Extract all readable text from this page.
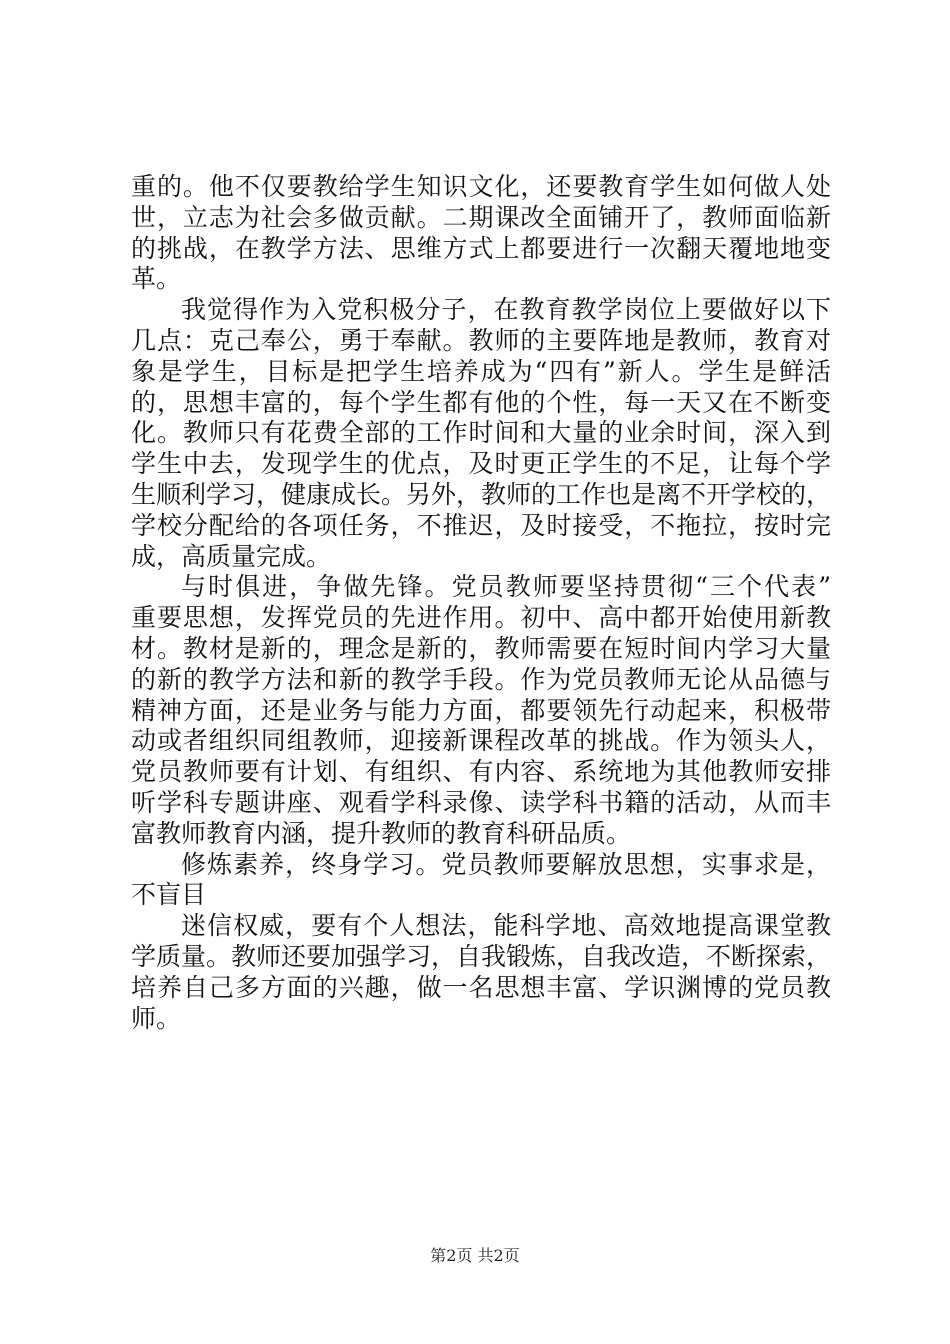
重的。他不仅要教给学生知识文化，还要教育学生如何做人处
世，立志为社会多做贡献。二期课改全面铺开了，教师面临新
的挑战，在教学方法、思维方式上都要进行一次翻天覆地地变
革。
我觉得作为入党积极分子，在教育教学岗位上要做好以下
几点：克己奉公，勇于奉献。教师的主要阵地是教师，教育对
象是学生，目标是把学生培养成为“四有”新人。学生是鲜活
的，思想丰富的，每个学生都有他的个性，每一天又在不断变
化。教师只有花费全部的工作时间和大量的业余时间，深入到
学生中去，发现学生的优点，及时更正学生的不足，让每个学
生顺利学习，健康成长。另外，教师的工作也是离不开学校的，
学校分配给的各项任务，不推迟，及时接受，不拖拉，按时完
成，高质量完成。
与时俱进，争做先锋。党员教师要坚持贯彻“三个代表”
重要思想，发挥党员的先进作用。初中、高中都开始使用新教
材。教材是新的，理念是新的，教师需要在短时间内学习大量
的新的教学方法和新的教学手段。作为党员教师无论从品德与
精神方面，还是业务与能力方面，都要领先行动起来，积极带
动或者组织同组教师，迎接新课程改革的挑战。作为领头人，
党员教师要有计划、有组织、有内容、系统地为其他教师安排
听学科专题讲座、观看学科录像、读学科书籍的活动，从而丰
富教师教育内涵，提升教师的教育科研品质。
修炼素养，终身学习。党员教师要解放思想，实事求是，
不盲目
迷信权威，要有个人想法，能科学地、高效地提高课堂教
学质量。教师还要加强学习，自我锻炼，自我改造，不断探索，
培养自己多方面的兴趣，做一名思想丰富、学识渊博的党员教
师。
第2页 共2页
